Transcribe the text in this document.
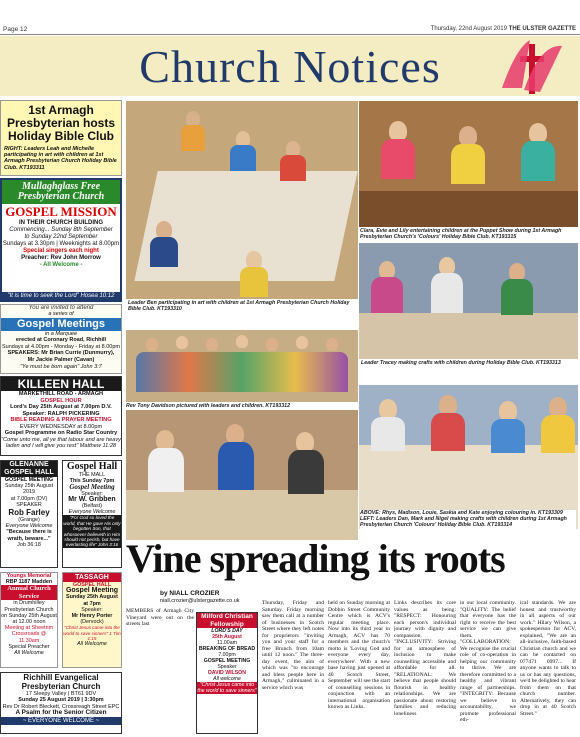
Page 12	Thursday, 22nd August 2019 THE ULSTER GAZETTE
Church Notices
1st Armagh Presbyterian hosts Holiday Bible Club
RIGHT: Leaders Leah and Michelle participating in art with children at 1st Armagh Presbyterian Church Holiday Bible Club. KT193311
Mullaghglass Free Presbyterian Church
GOSPEL MISSION
IN THEIR CHURCH BUILDING
Commencing... Sunday 8th September
to Sunday 22nd September
Sundays at 3.30pm | Weeknights at 8.00pm
Special singers each night
Preacher: Rev John Morrow
- All Welcome -
"It is time to seek the Lord" Hosea 10:12
You are invited to attend
a series of
Gospel Meetings
in a Marquee
erected at Coronary Road, Richhill
Sundays at 4.00pm - Monday - Friday at 8.00pm
SPEAKERS: Mr Brian Currie (Dunmurry),
Mr Jackie Palmer (Cavan)
"Ye must be born again" John 3:7
KILLEEN HALL
MARKETHILL ROAD - ARMAGH
GOSPEL HOUR
Lord's Day 25th August at 7.00pm D.V.
Speaker: RALPH PICKERING
BIBLE READING & PRAYER MEETING
EVERY WEDNESDAY at 8.00pm
Gospel Programme on Radio Star Country
"Come unto me, all ye that labour and are heavy laden and I will give you rest" Matthew 11:28
GLENANNE GOSPEL HALL
GOSPEL MEETING
Sunday 25th August 2019
at 7.00pm (DV)
SPEAKER
Rob Farley
(Grange)
Everyone Welcome
"Because there is wrath, beware..."
Job 36:18
Gospel Hall
THE MALL
This Sunday 7pm
Gospel Meeting
Speaker:
Mr W. Gribben
(Belfast)
Everyone Welcome
"For God so loved the world, that He gave His only begotten Son, that whosoever believeth in Him should not perish, but have everlasting life" John 3:16
Youngs Memorial
RBP 1187 Madden
Annual Church Service
in Drumhilley
Presbyterian Church
on Sunday 25th August
at 12.00 noon
Meeting at Sheetrim
Crossroads @ 11.30am
Special Preacher
All Welcome
TASSAGH
GOSPEL HALL
Gospel Meeting
Sunday 25th August
at 7pm
Speaker:
Mr Henry Porter
(Dervock)
"Christ Jesus came into the world to save sinners" 1 Tim 1:15
All Welcome
Richhill Evangelical Presbyterian Church
17 Sleepy Valley | BT61 9DV
Sunday 25 August 2019 | 3:30pm
Rev Dr Robert Bleckett, Crossreagh Street EPC
A Psalm for the Senior Citizen
~ EVERYONE WELCOME ~
Leader Ben participating in art with children at 1st Armagh Presbyterian Church Holiday Bible Club. KT193310
Clara, Evie and Lily entertaining children at the Puppet Show during 1st Armagh Presbyterian Church's 'Colours' Holiday Bible Club. KT193315
Leader Tracey making crafts with children during Holiday Bible Club. KT193313
Rev Tony Davidson pictured with leaders and children. KT193312
ABOVE: Rhys, Madison, Louie, Saskia and Kate enjoying colouring in. KT193309
LEFT: Leaders Dan, Mark and Nigel making crafts with children during 1st Armagh Presbyterian Church 'Colours' Holiday Bible Club. KT193314
Vine spreading its roots
by NIALL CROZIER
niall.crozier@ulstergazette.co.uk
MEMBERS of Armagh City Vineyard were out on the streets last
Milford Christian Fellowship
LORD'S DAY
25th August
11.00am
BREAKING OF BREAD
7.00pm
GOSPEL MEETING
Speaker
DAVID WILSON
All welcome
"Christ Jesus came into the world to save sinners"
Thursday, Friday and Saturday. Friday morning saw them call at a number of businesses in Scotch Street where they left notes for proprietors "inviting you and your staff for a free Brunch from 10am until 12 noon." The three-day event, the aim of which was "to encourage and bless people here in Armagh," culminated in a service which was
held on Sunday morning at Dobbin Street Community Centre which is ACV's regular meeting place. Now into its third year in Armagh, ACV has 70 members and the church's motto is 'Loving God and everyone every day, everywhere'. With a new base having just opened at 40 Scotch Street, September will see the start of counselling sessions in conjunction with an international organisation known as Links.
Links describes its core values as being: "RESPECT: Honouring each person's individual journey with dignity and compassion. "INCLUSIVITY: Striving for an atmosphere of inclusion to make counselling accessible and affordable for all. "RELATIONAL: We believe that people should flourish in healthy relationships. We are passionate about restoring families and reducing loneliness
in our local community. "QUALITY: The belief that everyone has the right to receive the best service we can give them. "COLLABORATION: We recognise the crucial role of co-operation in helping our community to thrive. We are therefore committed to a healthy and vibrant range of partnerships. "INTEGRITY: Because we believe in accountability, we promote professional eth-
ical standards. We are honest and trustworthy in all aspects of our work." Hilary Wilson, a spokesperson for ACV, explained, "We are an all-inclusive, faith-based Christian church and we can be contacted on 077471 0997... If anyone wants to talk to us or has any questions, we'd be delighted to hear from them on that church number. Alternatively, they can drop in at 40 Scotch Street."
